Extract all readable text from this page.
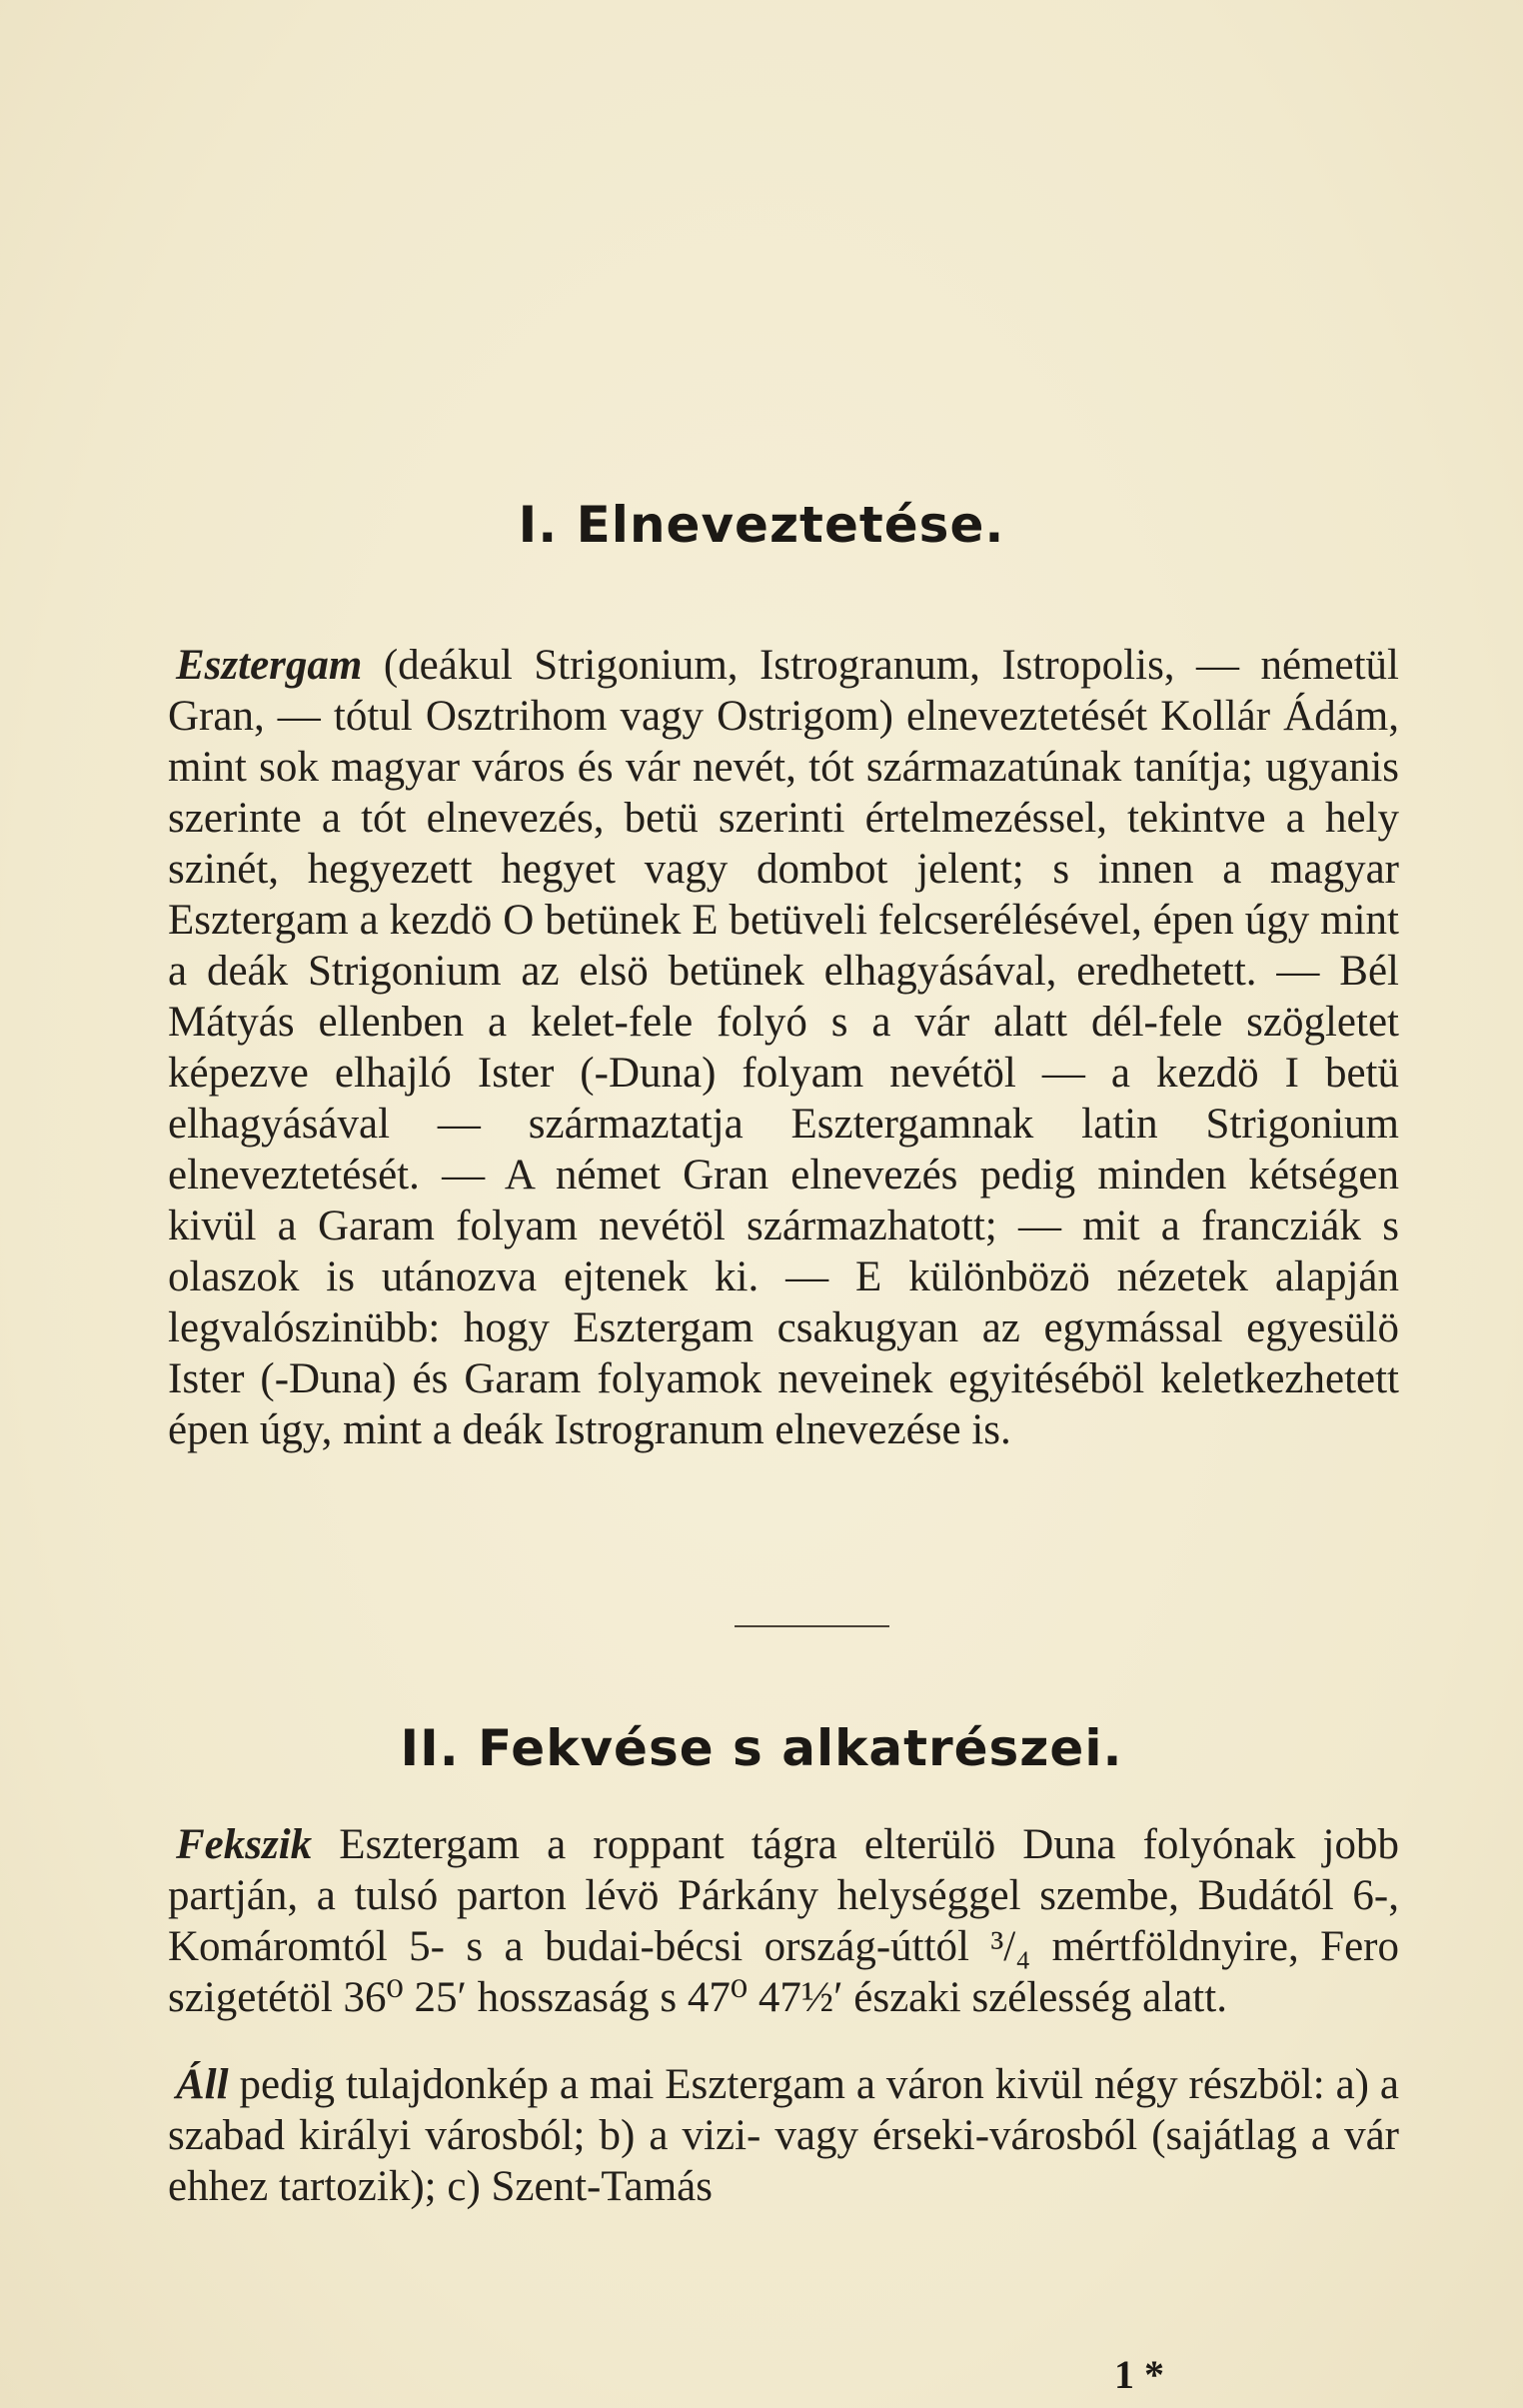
I. Elneveztetése.
Esztergam (deákul Strigonium, Istrogranum, Istropolis, — németül Gran, — tótul Osztrihom vagy Ostrigom) elneveztetését Kollár Ádám, mint sok magyar város és vár nevét, tót származatúnak tanítja; ugyanis szerinte a tót elnevezés, betü szerinti értelmezéssel, tekintve a hely szinét, hegyezett hegyet vagy dombot jelent; s innen a magyar Esztergam a kezdö O betünek E betüveli felcserélésével, épen úgy mint a deák Strigonium az elsö betünek elhagyásával, eredhetett. — Bél Mátyás ellenben a kelet-fele folyó s a vár alatt dél-fele szögletet képezve elhajló Ister (-Duna) folyam nevétöl — a kezdö I betü elhagyásával — származtatja Esztergamnak latin Strigonium elneveztetését. — A német Gran elnevezés pedig minden kétségen kivül a Garam folyam nevétöl származhatott; — mit a francziák s olaszok is utánozva ejtenek ki. — E különbözö nézetek alapján legvalószinübb: hogy Esztergam csakugyan az egymással egyesülö Ister (-Duna) és Garam folyamok neveinek egyitéséböl keletkezhetett épen úgy, mint a deák Istrogranum elnevezése is.
II. Fekvése s alkatrészei.
Fekszik Esztergam a roppant tágra elterülö Duna folyónak jobb partján, a tulsó parton lévö Párkány helységgel szembe, Budától 6-, Komáromtól 5- s a budai-bécsi ország-úttól ³/₄ mértföldnyire, Fero szigetétöl 36⁰ 25′ hosszaság s 47⁰ 47½′ északi szélesség alatt.
Áll pedig tulajdonkép a mai Esztergam a váron kivül négy részböl: a) a szabad királyi városból; b) a vizi- vagy érseki-városból (sajátlag a vár ehhez tartozik); c) Szent-Tamás
1 *
